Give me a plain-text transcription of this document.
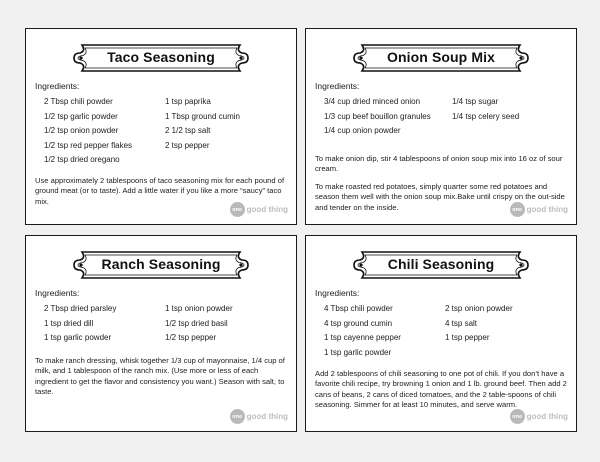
Taco Seasoning
Ingredients:
2 Tbsp chili powder
1/2 tsp garlic powder
1/2 tsp onion powder
1/2 tsp red pepper flakes
1/2 tsp dried oregano
1 tsp paprika
1 Tbsp ground cumin
2 1/2 tsp salt
2 tsp pepper

Use approximately 2 tablespoons of taco seasoning mix for each pound of ground meat (or to taste). Add a little water if you like a more “saucy” taco mix.

one good thing
Onion Soup Mix
Ingredients:
3/4 cup dried minced onion
1/3 cup beef bouillon granules
1/4 cup onion powder
1/4 tsp sugar
1/4 tsp celery seed

To make onion dip, stir 4 tablespoons of onion soup mix into 16 oz of sour cream.

To make roasted red potatoes, simply quarter some red potatoes and season them well with the onion soup mix.Bake until crispy on the out-side and tender on the inside.	one good thing
Ranch Seasoning
Ingredients:
2 Tbsp dried parsley
1 tsp dried dill
1 tsp garlic powder
1 tsp onion powder
1/2 tsp dried basil
1/2 tsp pepper

To make ranch dressing, whisk together 1/3 cup of mayonnaise, 1/4 cup of milk, and 1 tablespoon of the ranch mix. (Use more or less of each ingredient to get the flavor and consistency you want.) Season with salt, to taste.

one good thing
Chili Seasoning
Ingredients:
4 Tbsp chili powder
4 tsp ground cumin
1 tsp cayenne pepper
1 tsp garlic powder
2 tsp onion powder
4 tsp salt
1 tsp pepper

Add 2 tablespoons of chili seasoning to one pot of chili. If you don’t have a favorite chili recipe, try browning 1 onion and 1 lb. ground beef. Then add 2 cans of beans, 2 cans of diced tomatoes, and the 2 table-spoons of chili seasoning. Simmer for at least 10 minutes, and serve warm.

one good thing
